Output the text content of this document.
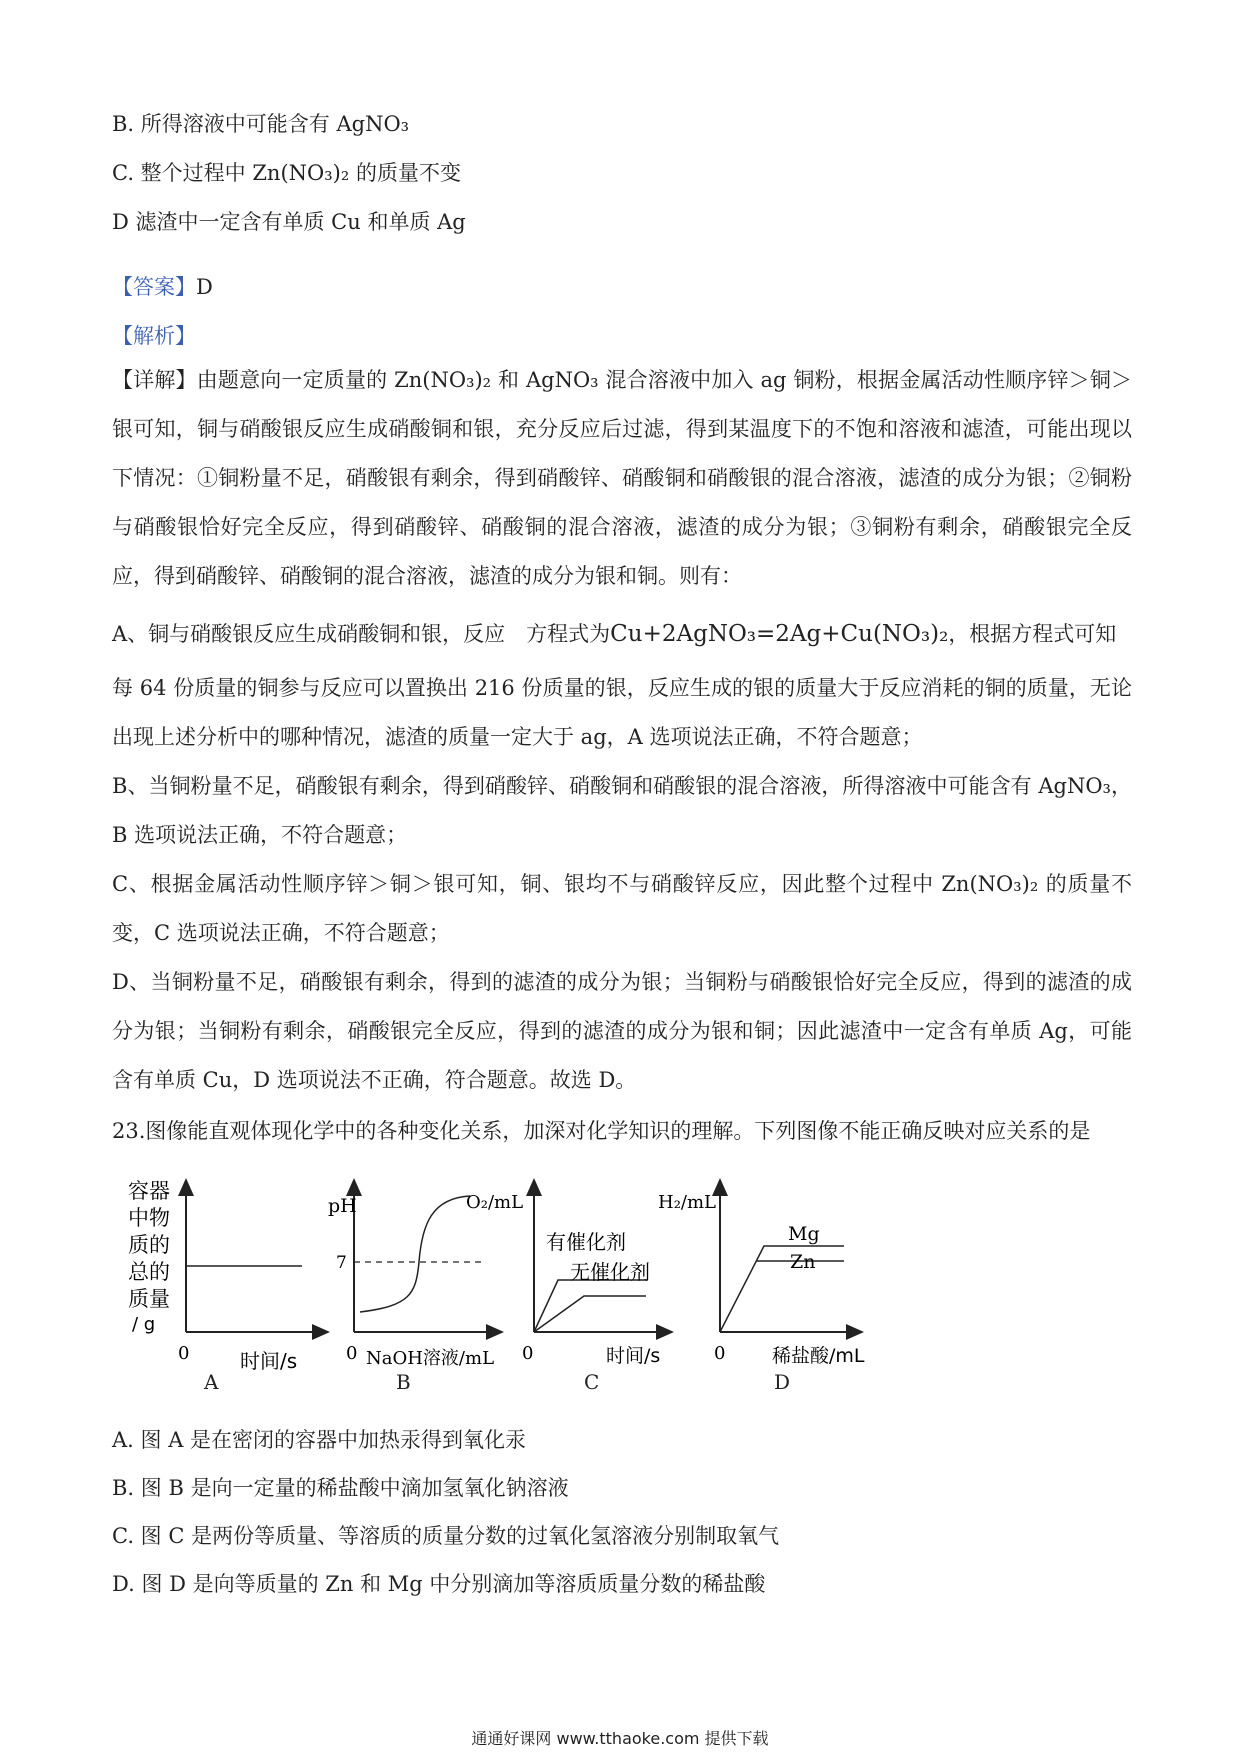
B. 所得溶液中可能含有 AgNO₃
C. 整个过程中 Zn(NO₃)₂ 的质量不变
D 滤渣中一定含有单质 Cu 和单质 Ag
【答案】D
【解析】

【详解】由题意向一定质量的 Zn(NO₃)₂ 和 AgNO₃ 混合溶液中加入 ag 铜粉，根据金属活动性顺序锌＞铜＞银可知，铜与硝酸银反应生成硝酸铜和银，充分反应后过滤，得到某温度下的不饱和溶液和滤渣，可能出现以下情况：①铜粉量不足，硝酸银有剩余，得到硝酸锌、硝酸铜和硝酸银的混合溶液，滤渣的成分为银；②铜粉与硝酸银恰好完全反应，得到硝酸锌、硝酸铜的混合溶液，滤渣的成分为银；③铜粉有剩余，硝酸银完全反应，得到硝酸锌、硝酸铜的混合溶液，滤渣的成分为银和铜。则有：

A、铜与硝酸银反应生成硝酸铜和银，反应　方程式为Cu+2AgNO₃=2Ag+Cu(NO₃)₂，根据方程式可知

每 64 份质量的铜参与反应可以置换出 216 份质量的银，反应生成的银的质量大于反应消耗的铜的质量，无论出现上述分析中的哪种情况，滤渣的质量一定大于 ag，A 选项说法正确，不符合题意；

B、当铜粉量不足，硝酸银有剩余，得到硝酸锌、硝酸铜和硝酸银的混合溶液，所得溶液中可能含有 AgNO₃，B 选项说法正确，不符合题意；

C、根据金属活动性顺序锌＞铜＞银可知，铜、银均不与硝酸锌反应，因此整个过程中 Zn(NO₃)₂ 的质量不变，C 选项说法正确，不符合题意；

D、当铜粉量不足，硝酸银有剩余，得到的滤渣的成分为银；当铜粉与硝酸银恰好完全反应，得到的滤渣的成分为银；当铜粉有剩余，硝酸银完全反应，得到的滤渣的成分为银和铜；因此滤渣中一定含有单质 Ag，可能含有单质 Cu，D 选项说法不正确，符合题意。故选 D。

23.图像能直观体现化学中的各种变化关系，加深对化学知识的理解。下列图像不能正确反映对应关系的是
容器
中物
质的
总的
质量
/ g
0	时间/s
pH
7
0 NaOH溶液/mL
O₂/mL
有催化剂
无催化剂
0	时间/s
H₂/mL
Mg
Zn
0 稀盐酸/mL
A	B	C	D
A. 图 A 是在密闭的容器中加热汞得到氧化汞
B. 图 B 是向一定量的稀盐酸中滴加氢氧化钠溶液
C. 图 C 是两份等质量、等溶质的质量分数的过氧化氢溶液分别制取氧气
D. 图 D 是向等质量的 Zn 和 Mg 中分别滴加等溶质质量分数的稀盐酸
通通好课网 www.tthaoke.com 提供下载
